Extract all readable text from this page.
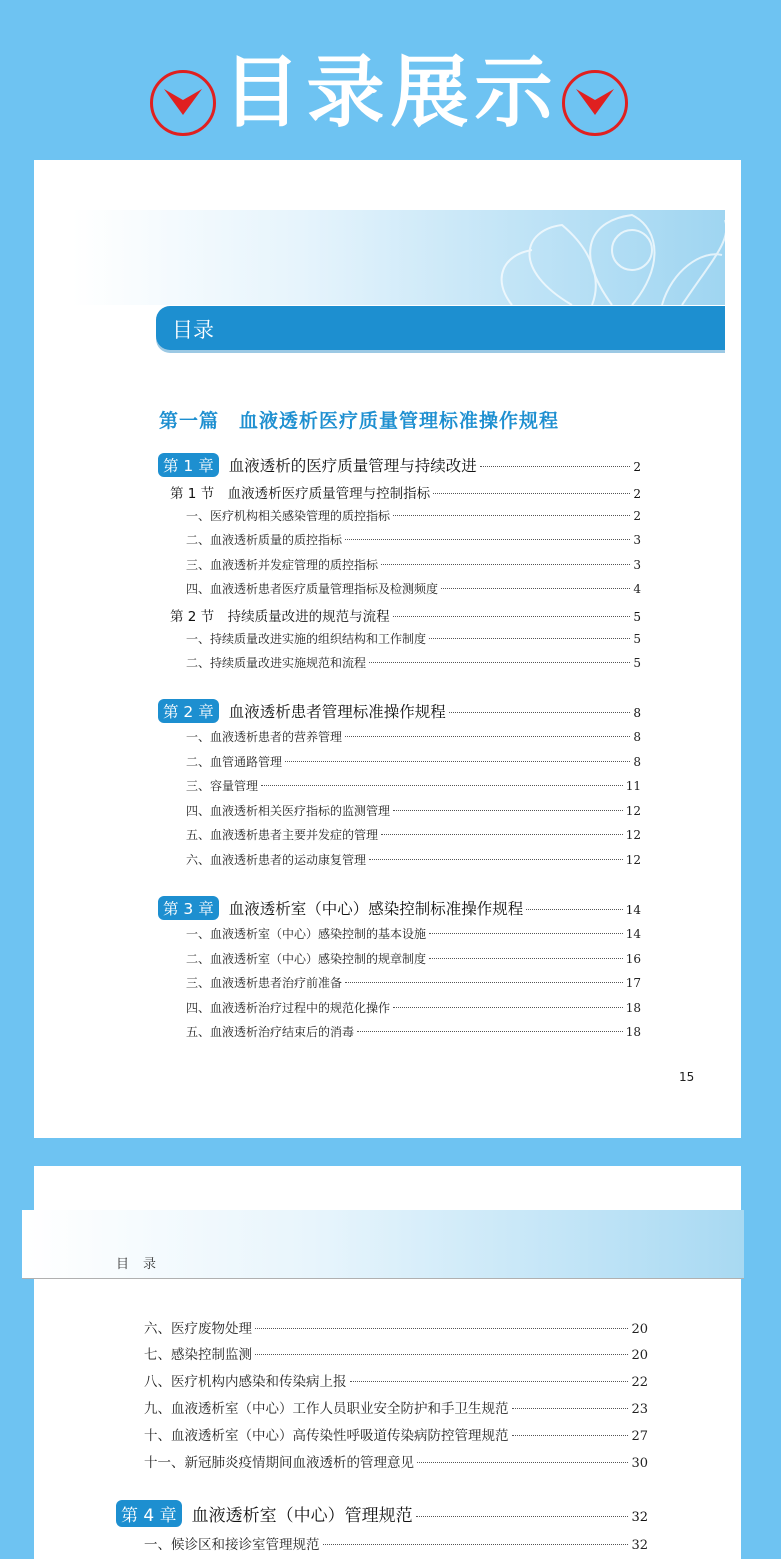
目录展示
目录
第一篇　血液透析医疗质量管理标准操作规程
第 1 章 血液透析的医疗质量管理与持续改进	2
第 1 节　血液透析医疗质量管理与控制指标	2
一、医疗机构相关感染管理的质控指标	2
二、血液透析质量的质控指标	3
三、血液透析并发症管理的质控指标	3
四、血液透析患者医疗质量管理指标及检测频度	4
第 2 节　持续质量改进的规范与流程	5
一、持续质量改进实施的组织结构和工作制度	5
二、持续质量改进实施规范和流程	5
第 2 章 血液透析患者管理标准操作规程	8
一、血液透析患者的营养管理	8
二、血管通路管理	8
三、容量管理	11
四、血液透析相关医疗指标的监测管理	12
五、血液透析患者主要并发症的管理	12
六、血液透析患者的运动康复管理	12
第 3 章 血液透析室（中心）感染控制标准操作规程	14
一、血液透析室（中心）感染控制的基本设施	14
二、血液透析室（中心）感染控制的规章制度	16
三、血液透析患者治疗前准备	17
四、血液透析治疗过程中的规范化操作	18
五、血液透析治疗结束后的消毒	18
15
目录
六、医疗废物处理	20
七、感染控制监测	20
八、医疗机构内感染和传染病上报	22
九、血液透析室（中心）工作人员职业安全防护和手卫生规范	23
十、血液透析室（中心）高传染性呼吸道传染病防控管理规范	27
十一、新冠肺炎疫情期间血液透析的管理意见	30
第 4 章 血液透析室（中心）管理规范	32
一、候诊区和接诊室管理规范	32
